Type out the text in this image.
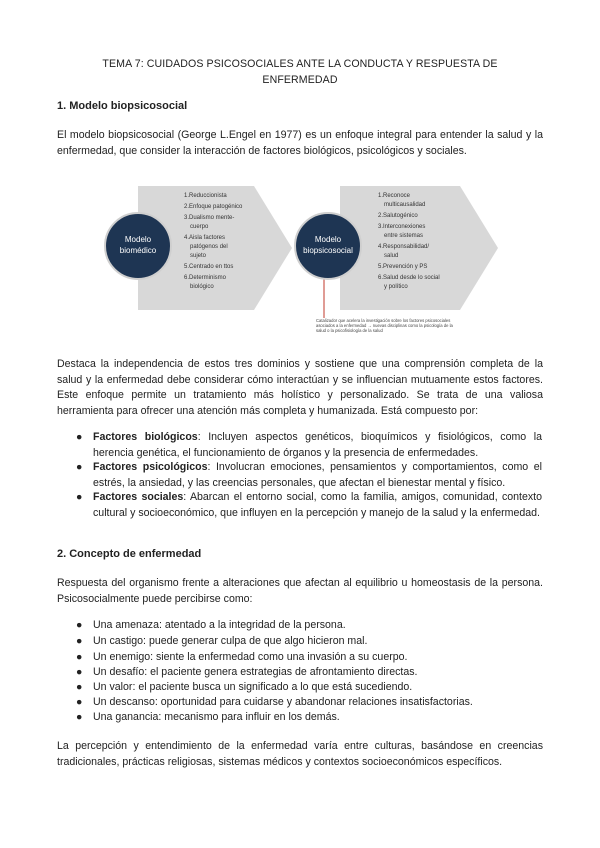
TEMA 7: CUIDADOS PSICOSOCIALES ANTE LA CONDUCTA Y RESPUESTA DE
ENFERMEDAD
1. Modelo biopsicosocial
El modelo biopsicosocial (George L.Engel en 1977) es un enfoque integral para entender la salud y la enfermedad, que consider la interacción de factores biológicos, psicológicos y sociales.
Modelo
biomédico
Modelo
biopsicosocial
1.Reduccionista
2.Enfoque patogénico
3.Dualismo mente-
cuerpo
4.Aisla factores
patógenos del
sujeto
5.Centrado en ttos
6.Determinismo
biológico
1.Reconoce
multicausalidad
2.Salutogénico
3.Interconexiones
entre sistemas
4.Responsabilidad/
salud
5.Prevención y PS
6.Salud desde lo social
y político
Catalizador que acelera la investigación sobre los factores psicosociales
asociados a la enfermedad → nuevas disciplinas como la psicología de la
salud o la psicofisiología de la salud
Destaca la independencia de estos tres dominios y sostiene que una comprensión completa de la salud y la enfermedad debe considerar cómo interactúan y se influencian mutuamente estos factores. Este enfoque permite un tratamiento más holístico y personalizado. Se trata de una valiosa herramienta para ofrecer una atención más completa y humanizada. Está compuesto por:
● Factores biológicos: Incluyen aspectos genéticos, bioquímicos y fisiológicos, como la herencia genética, el funcionamiento de órganos y la presencia de enfermedades.
● Factores psicológicos: Involucran emociones, pensamientos y comportamientos, como el estrés, la ansiedad, y las creencias personales, que afectan el bienestar mental y físico.
● Factores sociales: Abarcan el entorno social, como la familia, amigos, comunidad, contexto cultural y socioeconómico, que influyen en la percepción y manejo de la salud y la enfermedad.
2. Concepto de enfermedad
Respuesta del organismo frente a alteraciones que afectan al equilibrio u homeostasis de la persona. Psicosocialmente puede percibirse como:
● Una amenaza: atentado a la integridad de la persona.
● Un castigo: puede generar culpa de que algo hicieron mal.
● Un enemigo: siente la enfermedad como una invasión a su cuerpo.
● Un desafío: el paciente genera estrategias de afrontamiento directas.
● Un valor: el paciente busca un significado a lo que está sucediendo.
● Un descanso: oportunidad para cuidarse y abandonar relaciones insatisfactorias.
● Una ganancia: mecanismo para influir en los demás.
La percepción y entendimiento de la enfermedad varía entre culturas, basándose en creencias tradicionales, prácticas religiosas, sistemas médicos y contextos socioeconómicos específicos.
